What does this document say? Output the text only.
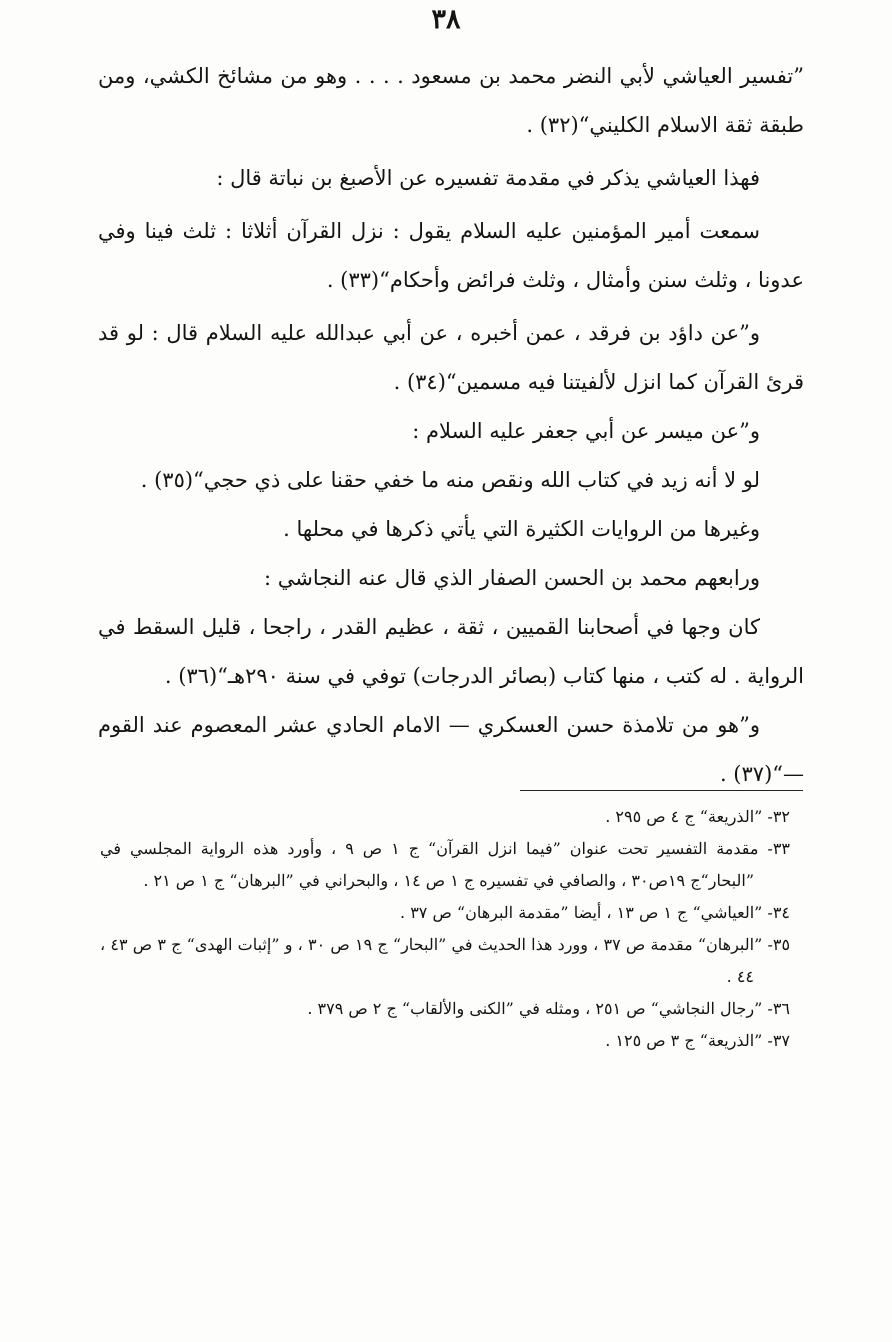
٣٨

”تفسير العياشي لأبي النضر محمد بن مسعود . . . . وهو من مشائخ الكشي، ومن طبقة ثقة الاسلام الكليني“(٣٢) .

فهذا العياشي يذكر في مقدمة تفسيره عن الأصبغ بن نباتة قال :

سمعت أمير المؤمنين عليه السلام يقول : نزل القرآن أثلاثا : ثلث فينا وفي عدونا ، وثلث سنن وأمثال ، وثلث فرائض وأحكام“(٣٣) .

و”عن داؤد بن فرقد ، عمن أخبره ، عن أبي عبدالله عليه السلام قال : لو قد قرئ القرآن كما انزل لألفيتنا فيه مسمين“(٣٤) .

و”عن ميسر عن أبي جعفر عليه السلام :

لو لا أنه زيد في كتاب الله ونقص منه ما خفي حقنا على ذي حجي“(٣٥) .

وغيرها من الروايات الكثيرة التي يأتي ذكرها في محلها .

ورابعهم محمد بن الحسن الصفار الذي قال عنه النجاشي :

كان وجها في أصحابنا القميين ، ثقة ، عظيم القدر ، راجحا ، قليل السقط في الرواية . له كتب ، منها كتاب (بصائر الدرجات) توفي في سنة ٢٩٠هـ“(٣٦) .

و”هو من تلامذة حسن العسكري — الامام الحادي عشر المعصوم عند القوم—“(٣٧) .

٣٢- ”الذريعة“ ج ٤ ص ٢٩٥ .

٣٣- مقدمة التفسير تحت عنوان ”فيما انزل القرآن“ ج ١ ص ٩ ، وأورد هذه الرواية المجلسي في ”البحار“ج ١٩ص٣٠ ، والصافي في تفسيره ج ١ ص ١٤ ، والبحراني في ”البرهان“ ج ١ ص ٢١ .

٣٤- ”العياشي“ ج ١ ص ١٣ ، أيضا ”مقدمة البرهان“ ص ٣٧ .

٣٥- ”البرهان“ مقدمة ص ٣٧ ، وورد هذا الحديث في ”البحار“ ج ١٩ ص ٣٠ ، و ”إثبات الهدى“ ج ٣ ص ٤٣ ، ٤٤ .

٣٦- ”رجال النجاشي“ ص ٢٥١ ، ومثله في ”الكنى والألقاب“ ج ٢ ص ٣٧٩ .

٣٧- ”الذريعة“ ج ٣ ص ١٢٥ .
